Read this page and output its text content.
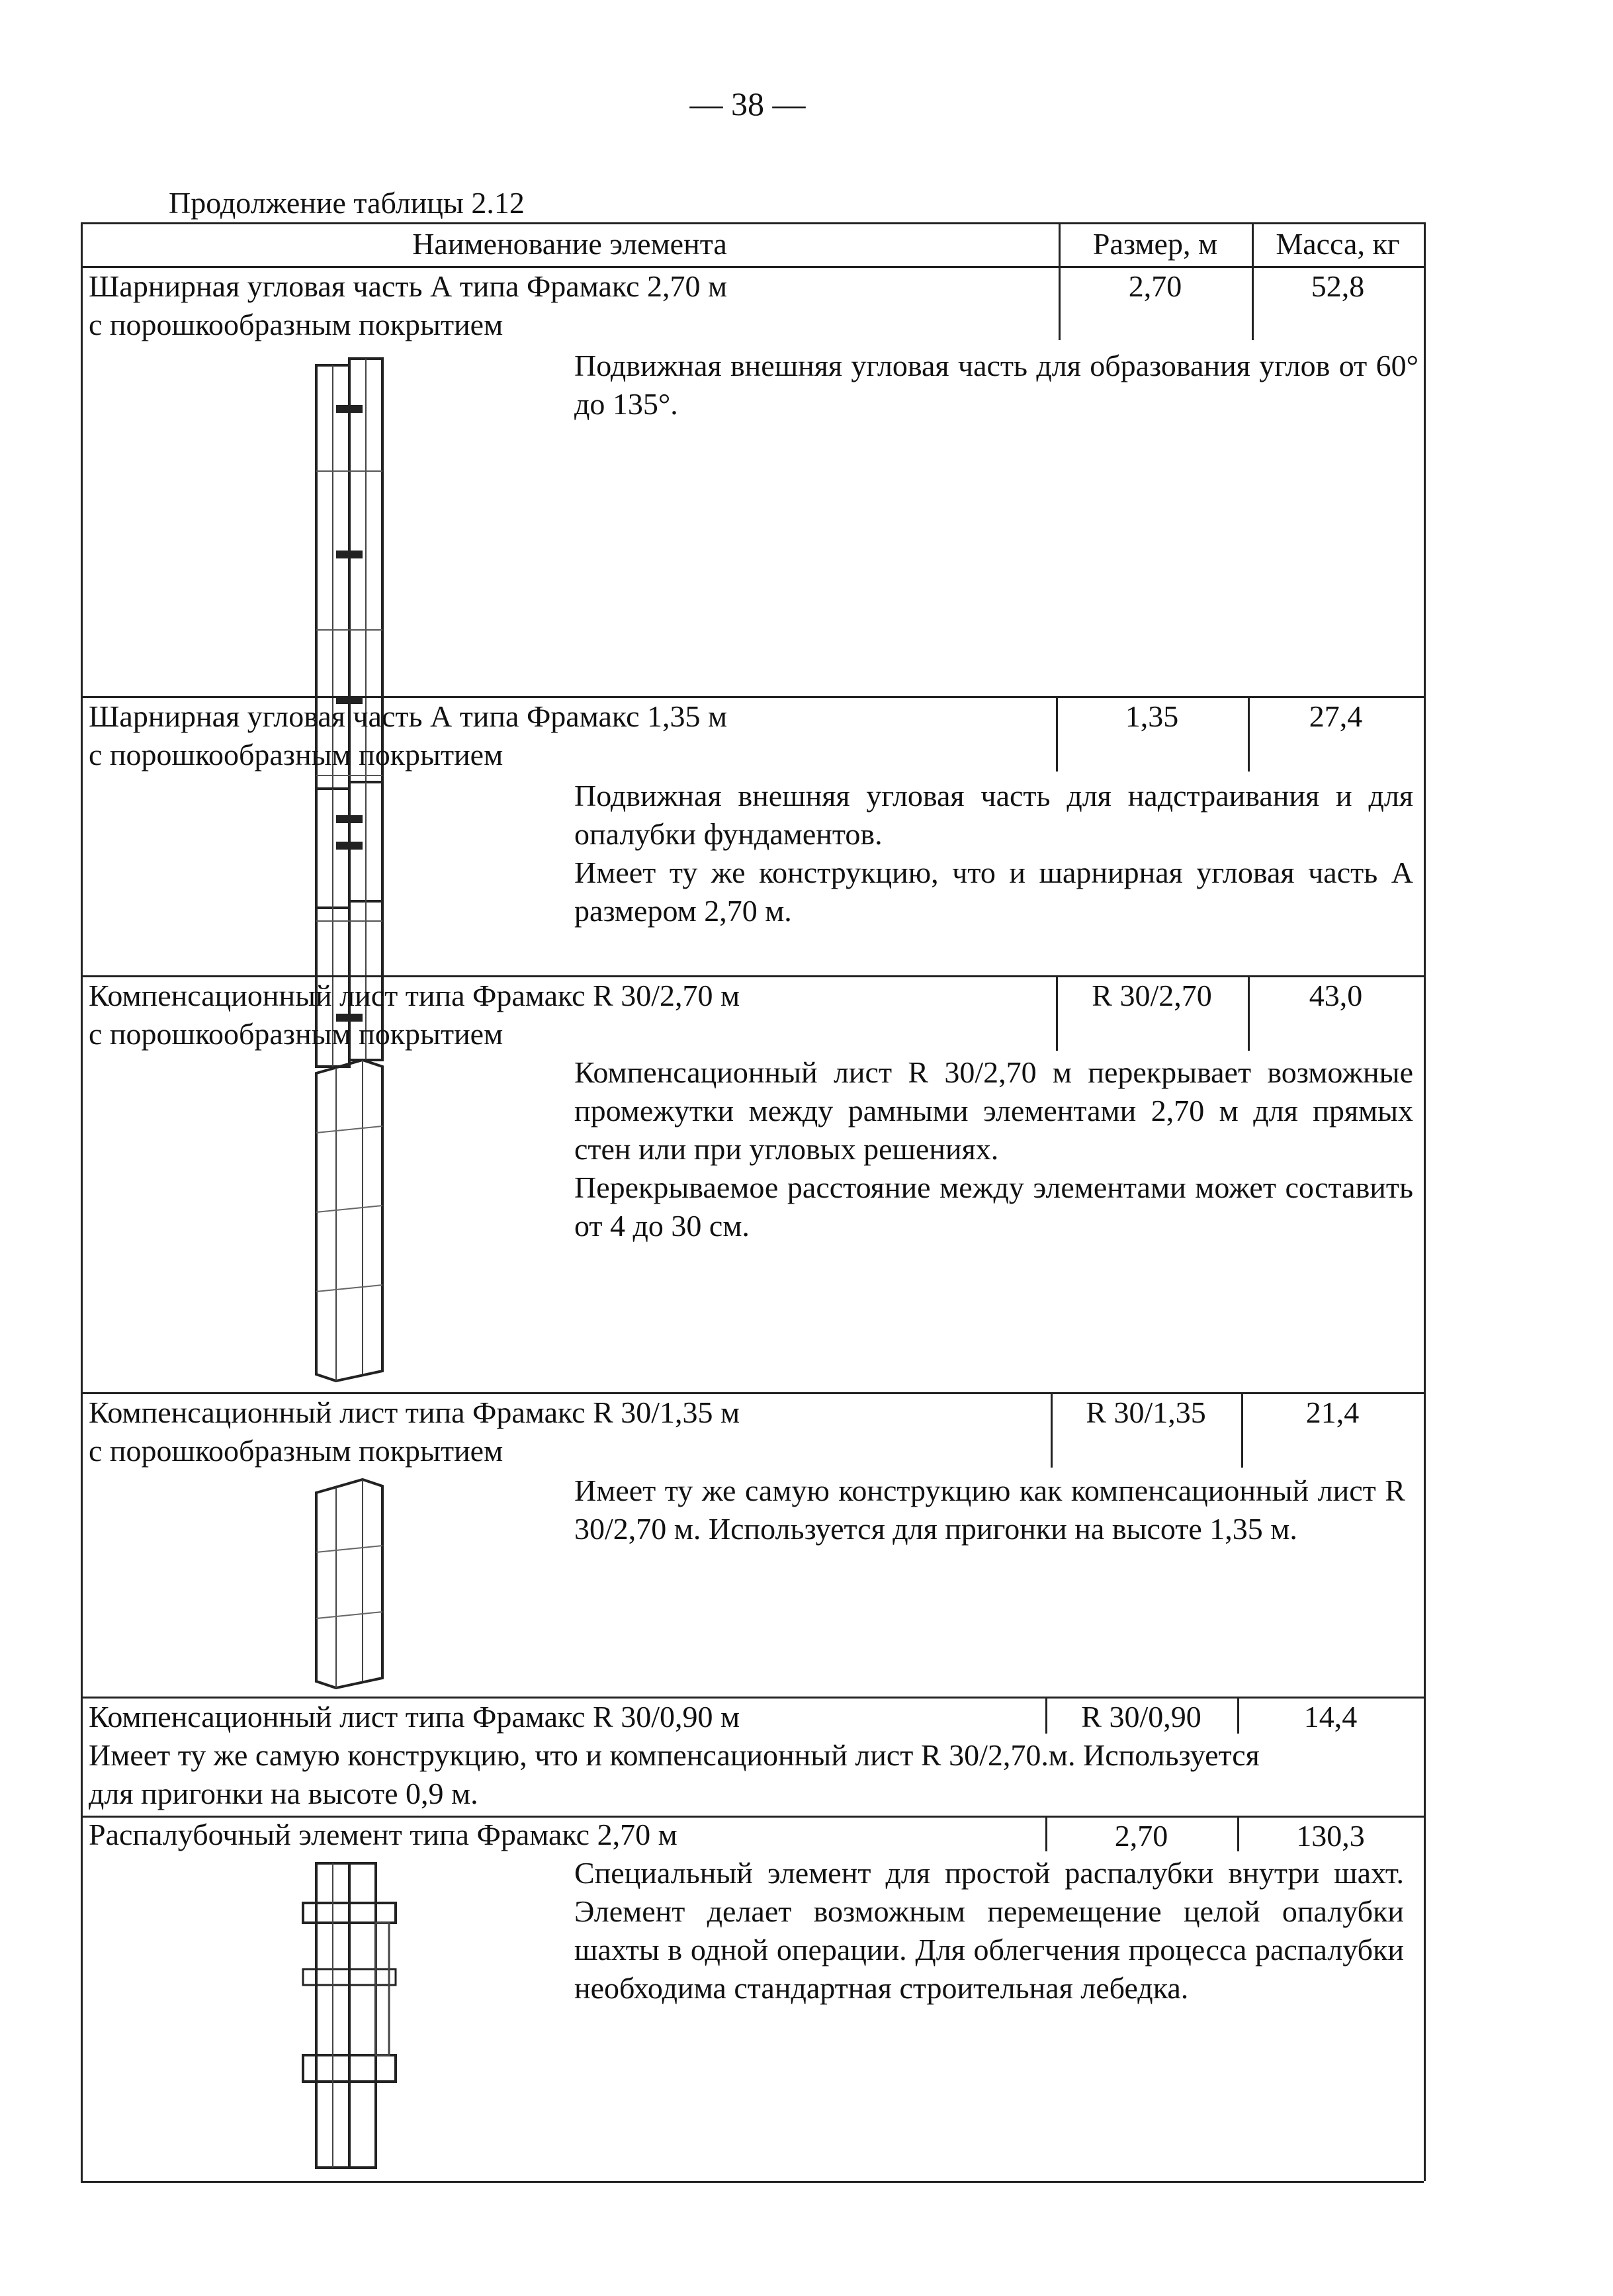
— 38 —
Продолжение таблицы 2.12
Наименование элемента	Размер, м	Масса, кг
Шарнирная угловая часть А типа Фрамакс 2,70 м
с порошкообразным покрытием
2,70	52,8

Подвижная внешняя угловая часть для образования углов от 60° до 135°.

Шарнирная угловая часть А типа Фрамакс 1,35 м
с порошкообразным покрытием
1,35	27,4

Подвижная внешняя угловая часть для надстраивания и для опалубки фундаментов.

Имеет ту же конструкцию, что и шарнирная угловая часть А размером 2,70 м.

Компенсационный лист типа Фрамакс R 30/2,70 м
с порошкообразным покрытием
R 30/2,70	43,0

Компенсационный лист R 30/2,70 м перекрывает возможные промежутки между рамными элементами 2,70 м для прямых стен или при угловых решениях.

Перекрываемое расстояние между элементами может составить от 4 до 30 см.

Компенсационный лист типа Фрамакс R 30/1,35 м
с порошкообразным покрытием
R 30/1,35	21,4

Имеет ту же самую конструкцию как компенсационный лист R 30/2,70 м. Используется для пригонки на высоте 1,35 м.

Компенсационный лист типа Фрамакс R 30/0,90 м	R 30/0,90	14,4
Имеет ту же самую конструкцию, что и компенсационный лист R 30/2,70.м. Используется
для пригонки на высоте 0,9 м.
Распалубочный элемент типа Фрамакс 2,70 м	2,70	130,3

Специальный элемент для простой распалубки внутри шахт. Элемент делает возможным перемещение целой опалубки шахты в одной операции. Для облегчения процесса распалубки необходима стандартная строительная лебедка.
